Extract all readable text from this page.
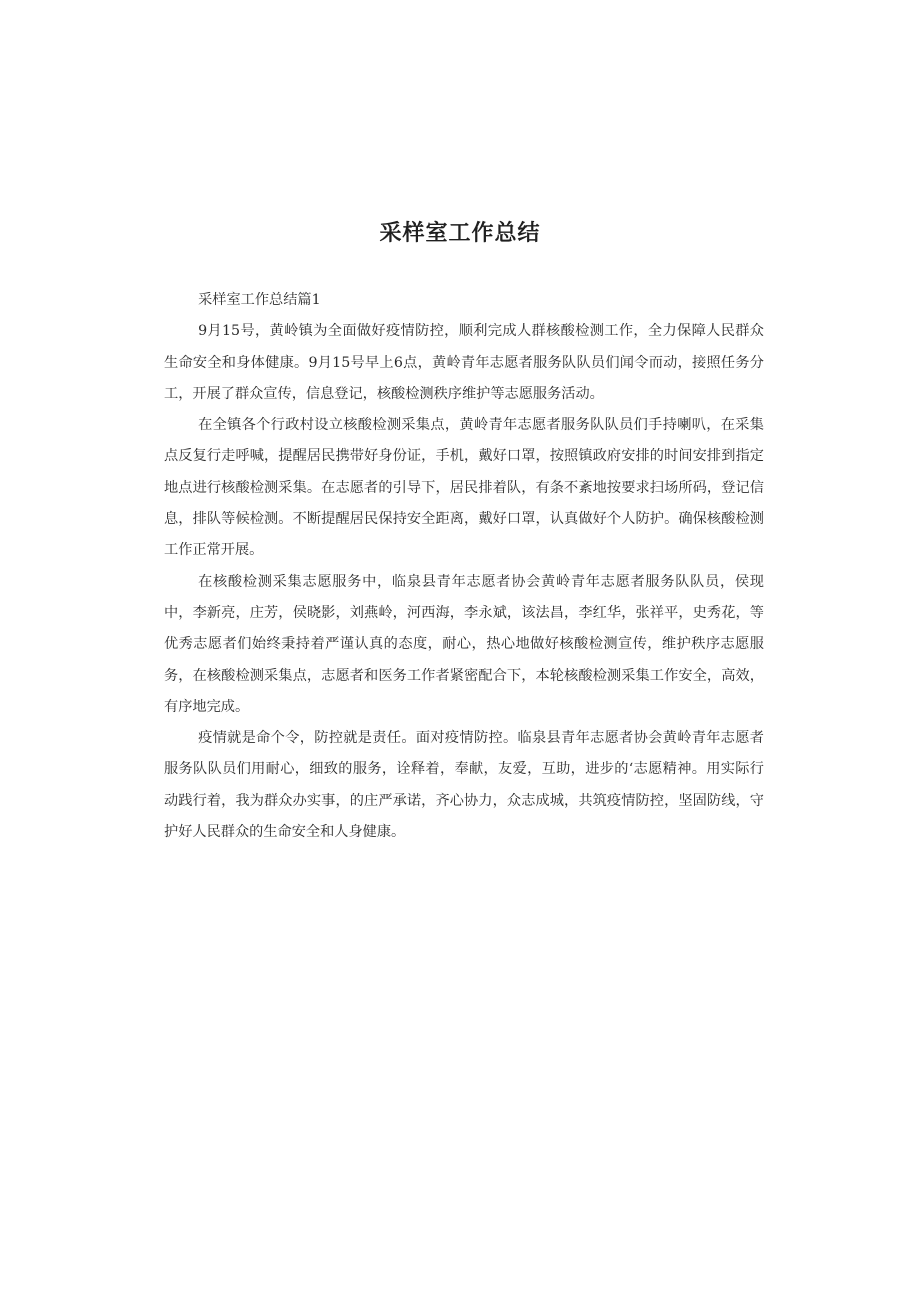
采样室工作总结

采样室工作总结篇1

9月15号，黄岭镇为全面做好疫情防控，顺利完成人群核酸检测工作，全力保障人民群众生命安全和身体健康。9月15号早上6点，黄岭青年志愿者服务队队员们闻令而动，接照任务分工，开展了群众宣传，信息登记，核酸检测秩序维护等志愿服务活动。

在全镇各个行政村设立核酸检测采集点，黄岭青年志愿者服务队队员们手持喇叭，在采集点反复行走呼喊，提醒居民携带好身份证，手机，戴好口罩，按照镇政府安排的时间安排到指定地点进行核酸检测采集。在志愿者的引导下，居民排着队，有条不紊地按要求扫场所码，登记信息，排队等候检测。不断提醒居民保持安全距离，戴好口罩，认真做好个人防护。确保核酸检测工作正常开展。

在核酸检测采集志愿服务中，临泉县青年志愿者协会黄岭青年志愿者服务队队员，侯现中，李新亮，庄芳，侯晓影，刘燕岭，河西海，李永斌，该法昌，李红华，张祥平，史秀花，等优秀志愿者们始终秉持着严谨认真的态度，耐心，热心地做好核酸检测宣传，维护秩序志愿服务，在核酸检测采集点，志愿者和医务工作者紧密配合下，本轮核酸检测采集工作安全，高效，有序地完成。

疫情就是命个令，防控就是责任。面对疫情防控。临泉县青年志愿者协会黄岭青年志愿者服务队队员们用耐心，细致的服务，诠释着，奉献，友爱，互助，进步的‘志愿精神。用实际行动践行着，我为群众办实事，的庄严承诺，齐心协力，众志成城，共筑疫情防控，坚固防线，守护好人民群众的生命安全和人身健康。
